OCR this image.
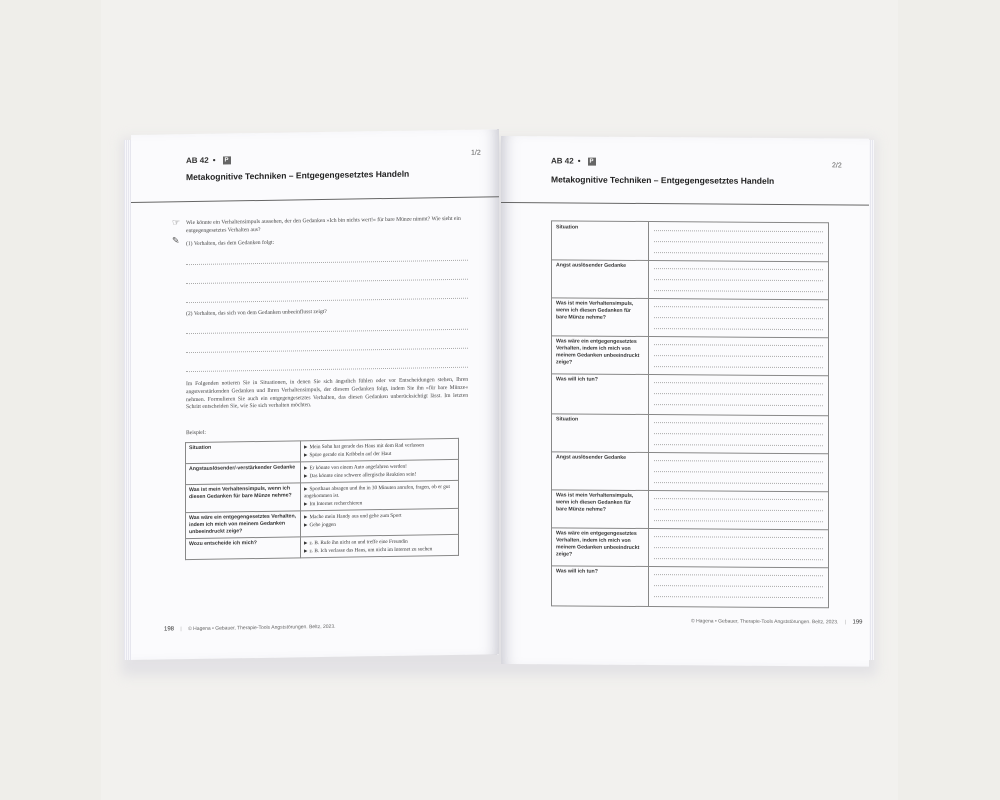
AB 42 • P
1/2
Metakognitive Techniken – Entgegengesetztes Handeln
☞
✎
Wie könnte ein Verhaltensimpuls aussehen, der den Gedanken »Ich bin nichts wert!« für bare Münze nimmt? Wie sieht ein entgegengesetztes Verhalten aus?
(1) Verhalten, das dem Gedanken folgt:
(2) Verhalten, das sich von dem Gedanken unbeeinflusst zeigt?
Im Folgenden notieren Sie in Situationen, in denen Sie sich ängstlich fühlen oder vor Entscheidungen stehen, Ihren angstverstärkenden Gedanken und Ihren Verhaltensimpuls, der diesem Gedanken folgt, indem Sie ihn »für bare Münze« nehmen. Formulieren Sie auch ein entgegengesetztes Verhalten, das diesen Gedanken unberücksichtigt lässt. Im letzten Schritt entscheiden Sie, wie Sie sich verhalten möchten.
Beispiel:
Situation	▶ Mein Sohn hat gerade das Haus mit dem Rad verlassen
▶ Spüre gerade ein Kribbeln auf der Haut

Angstauslösender/-verstärkender Gedanke	▶ Er könnte von einem Auto angefahren werden!
▶ Das könnte eine schwere allergische Reaktion sein!

Was ist mein Verhaltensimpuls, wenn ich diesen Gedanken für bare Münze nehme?	▶ Sporthaus absagen und ihn in 30 Minuten anrufen, fragen, ob er gut angekommen ist.
▶ Im Internet recherchieren

Was wäre ein entgegengesetztes Verhalten, indem ich mich von meinem Gedanken unbeeindruckt zeige?	▶ Mache mein Handy aus und gehe zum Sport
▶ Gehe joggen

Wozu entscheide ich mich?	▶ z. B. Rufe ihn nicht an und treffe eine Freundin
▶ z. B. Ich verlasse das Haus, um nicht im Internet zu suchen
198 | © Hagena • Gebauer, Therapie-Tools Angststörungen. Beltz, 2023.
AB 42 • P
2/2
Metakognitive Techniken – Entgegengesetztes Handeln
Situation
Angst auslösender Gedanke
Was ist mein Verhaltensimpuls, wenn ich diesen Gedanken für bare Münze nehme?
Was wäre ein entgegengesetztes Verhalten, indem ich mich von meinem Gedanken unbeeindruckt zeige?
Was will ich tun?
Situation
Angst auslösender Gedanke
Was ist mein Verhaltensimpuls, wenn ich diesen Gedanken für bare Münze nehme?
Was wäre ein entgegengesetztes Verhalten, indem ich mich von meinem Gedanken unbeeindruckt zeige?
Was will ich tun?
© Hagena • Gebauer, Therapie-Tools Angststörungen. Beltz, 2023. | 199
